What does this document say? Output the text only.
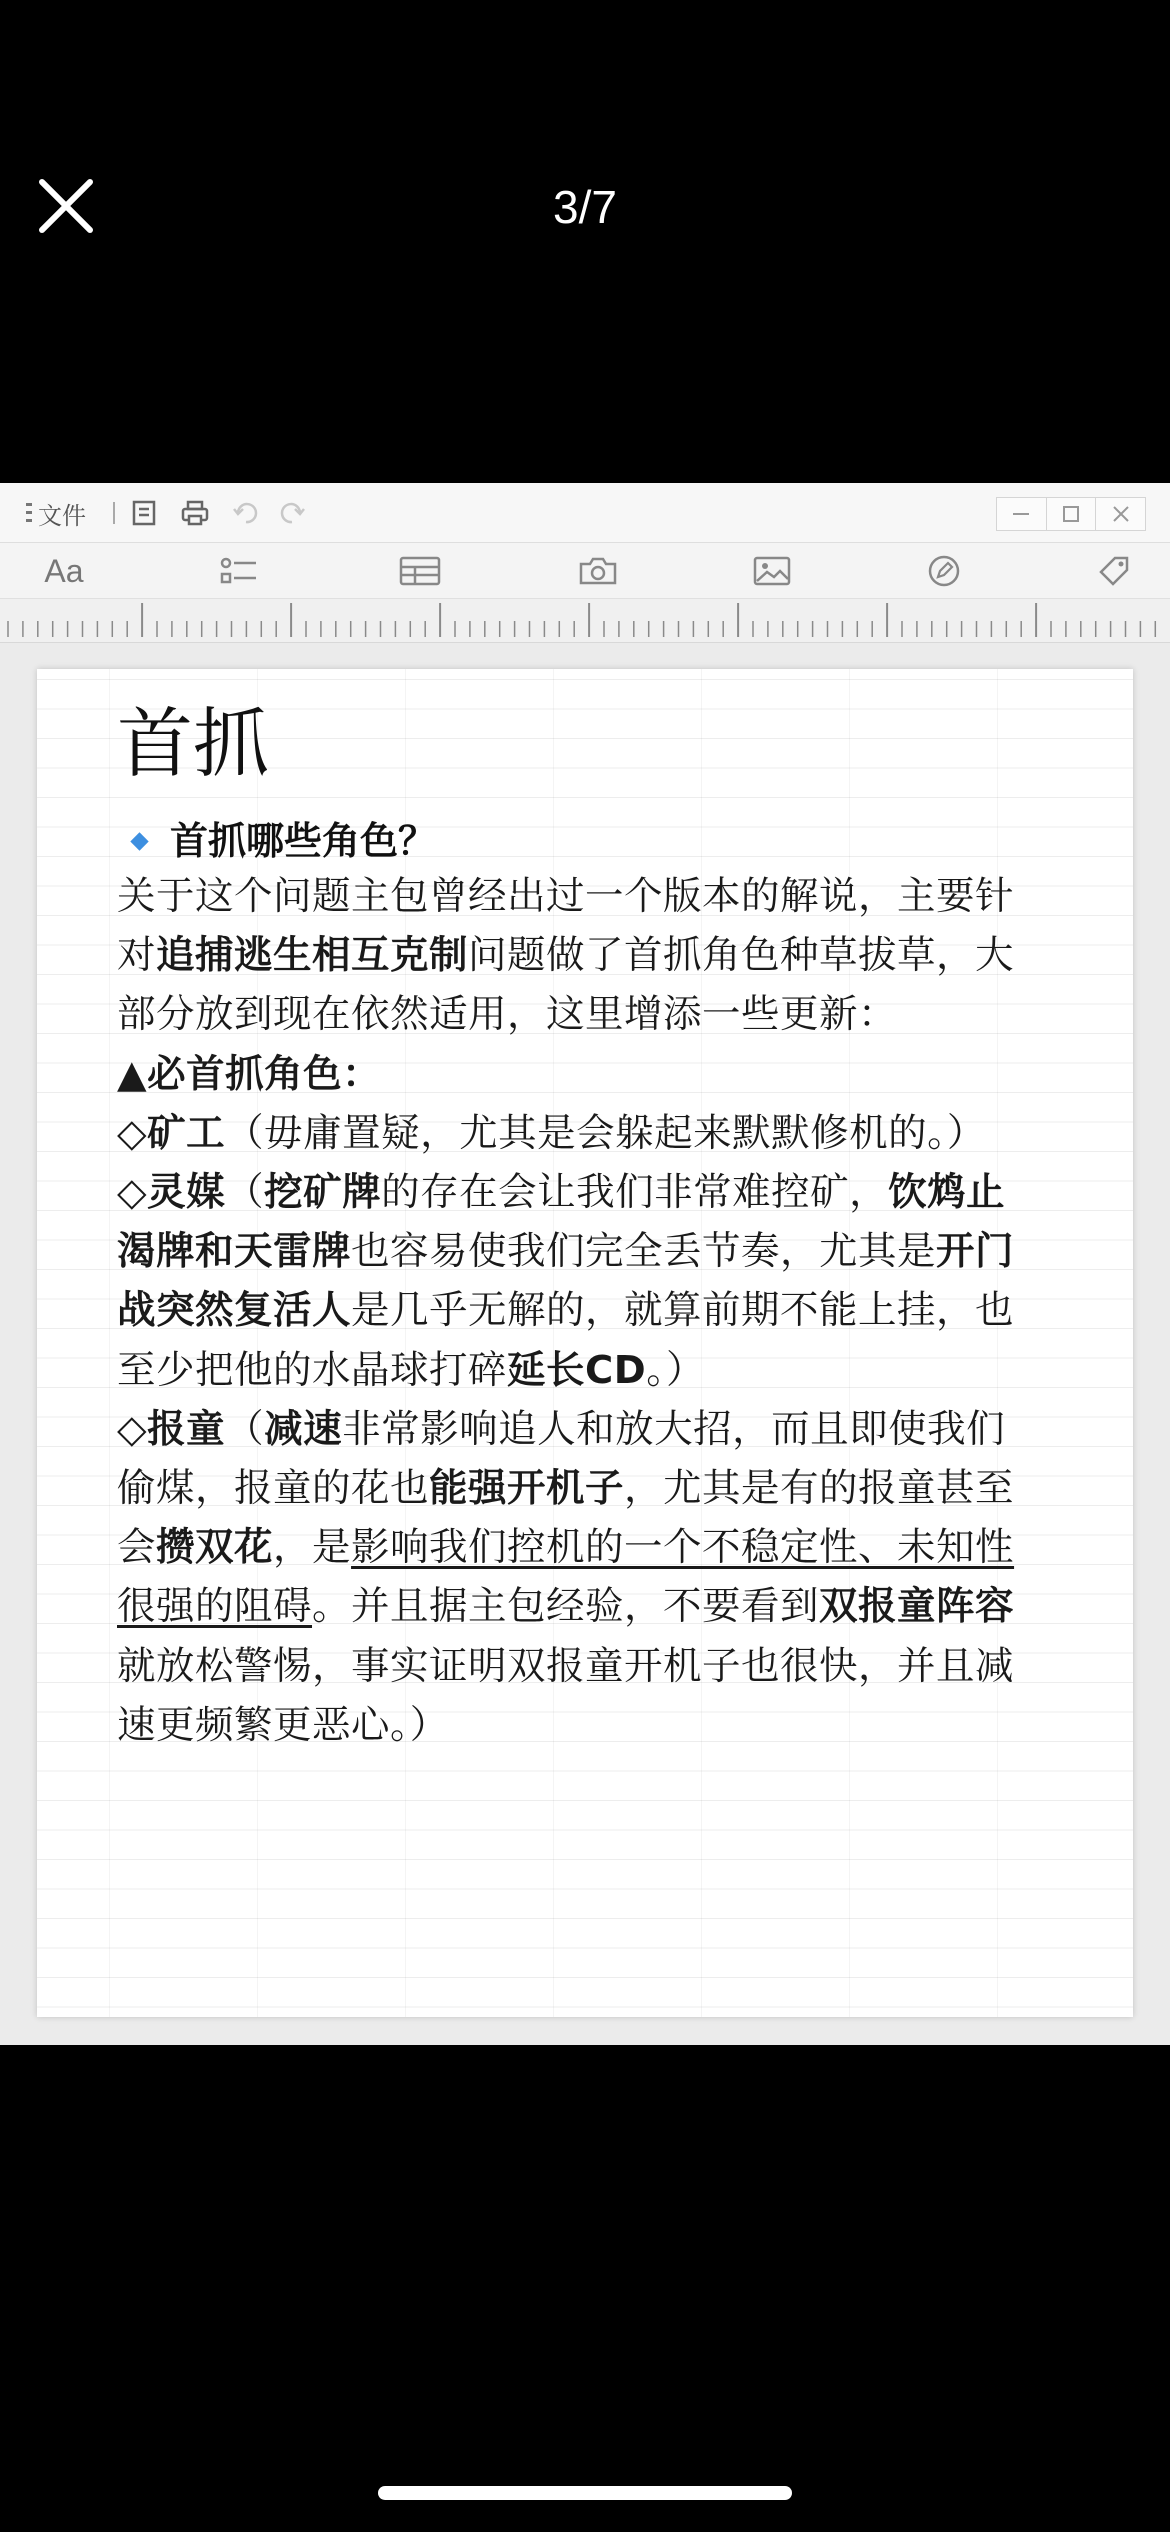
3/7
文件
Aa
首抓
首抓哪些角色？

关于这个问题主包曾经出过一个版本的解说，主要针对追捕逃生相互克制问题做了首抓角色种草拔草，大部分放到现在依然适用，这里增添一些更新：

▲必首抓角色：

◇矿工（毋庸置疑，尤其是会躲起来默默修机的。）

◇灵媒（挖矿牌的存在会让我们非常难控矿，饮鸩止渴牌和天雷牌也容易使我们完全丢节奏，尤其是开门战突然复活人是几乎无解的，就算前期不能上挂，也至少把他的水晶球打碎延长CD。）

◇报童（减速非常影响追人和放大招，而且即使我们偷煤，报童的花也能强开机子，尤其是有的报童甚至会攒双花，是影响我们控机的一个不稳定性、未知性很强的阻碍。并且据主包经验，不要看到双报童阵容就放松警惕，事实证明双报童开机子也很快，并且减速更频繁更恶心。）
